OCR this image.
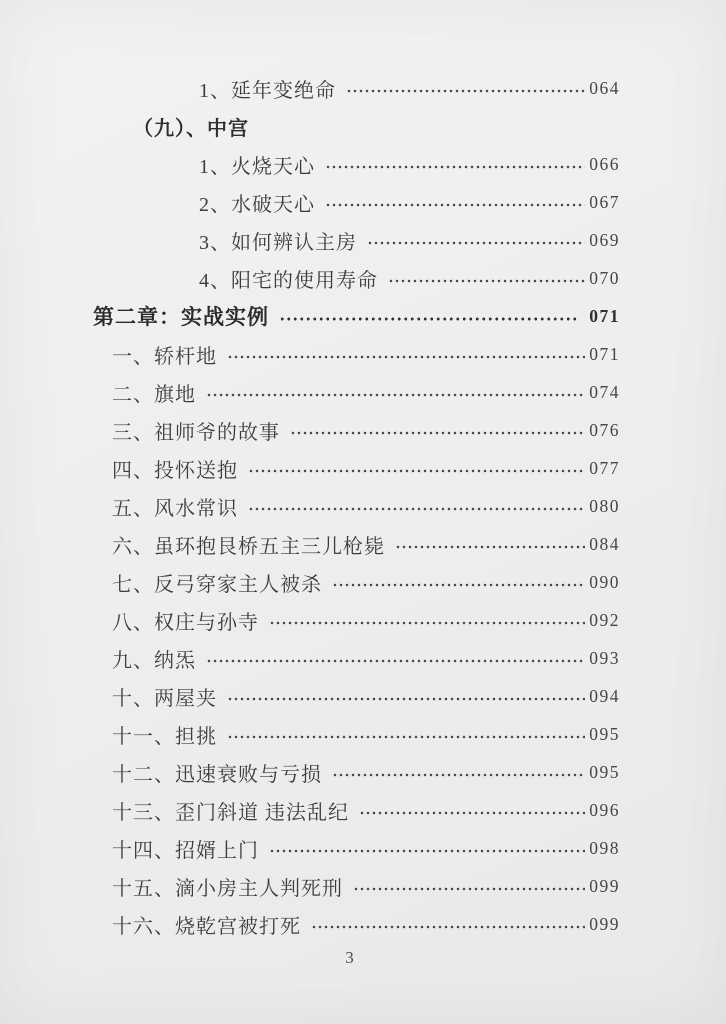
1、延年变绝命	064
（九）、中宫
1、火烧天心	066
2、水破天心	067
3、如何辨认主房	069
4、阳宅的使用寿命	070
第二章：实战实例	071
一、轿杆地	071
二、旗地	074
三、祖师爷的故事	076
四、投怀送抱	077
五、风水常识	080
六、虽环抱艮桥五主三儿枪毙	084
七、反弓穿家主人被杀	090
八、权庄与孙寺	092
九、纳炁	093
十、两屋夹	094
十一、担挑	095
十二、迅速衰败与亏损	095
十三、歪门斜道 违法乱纪	096
十四、招婿上门	098
十五、滴小房主人判死刑	099
十六、烧乾宫被打死	099
3
